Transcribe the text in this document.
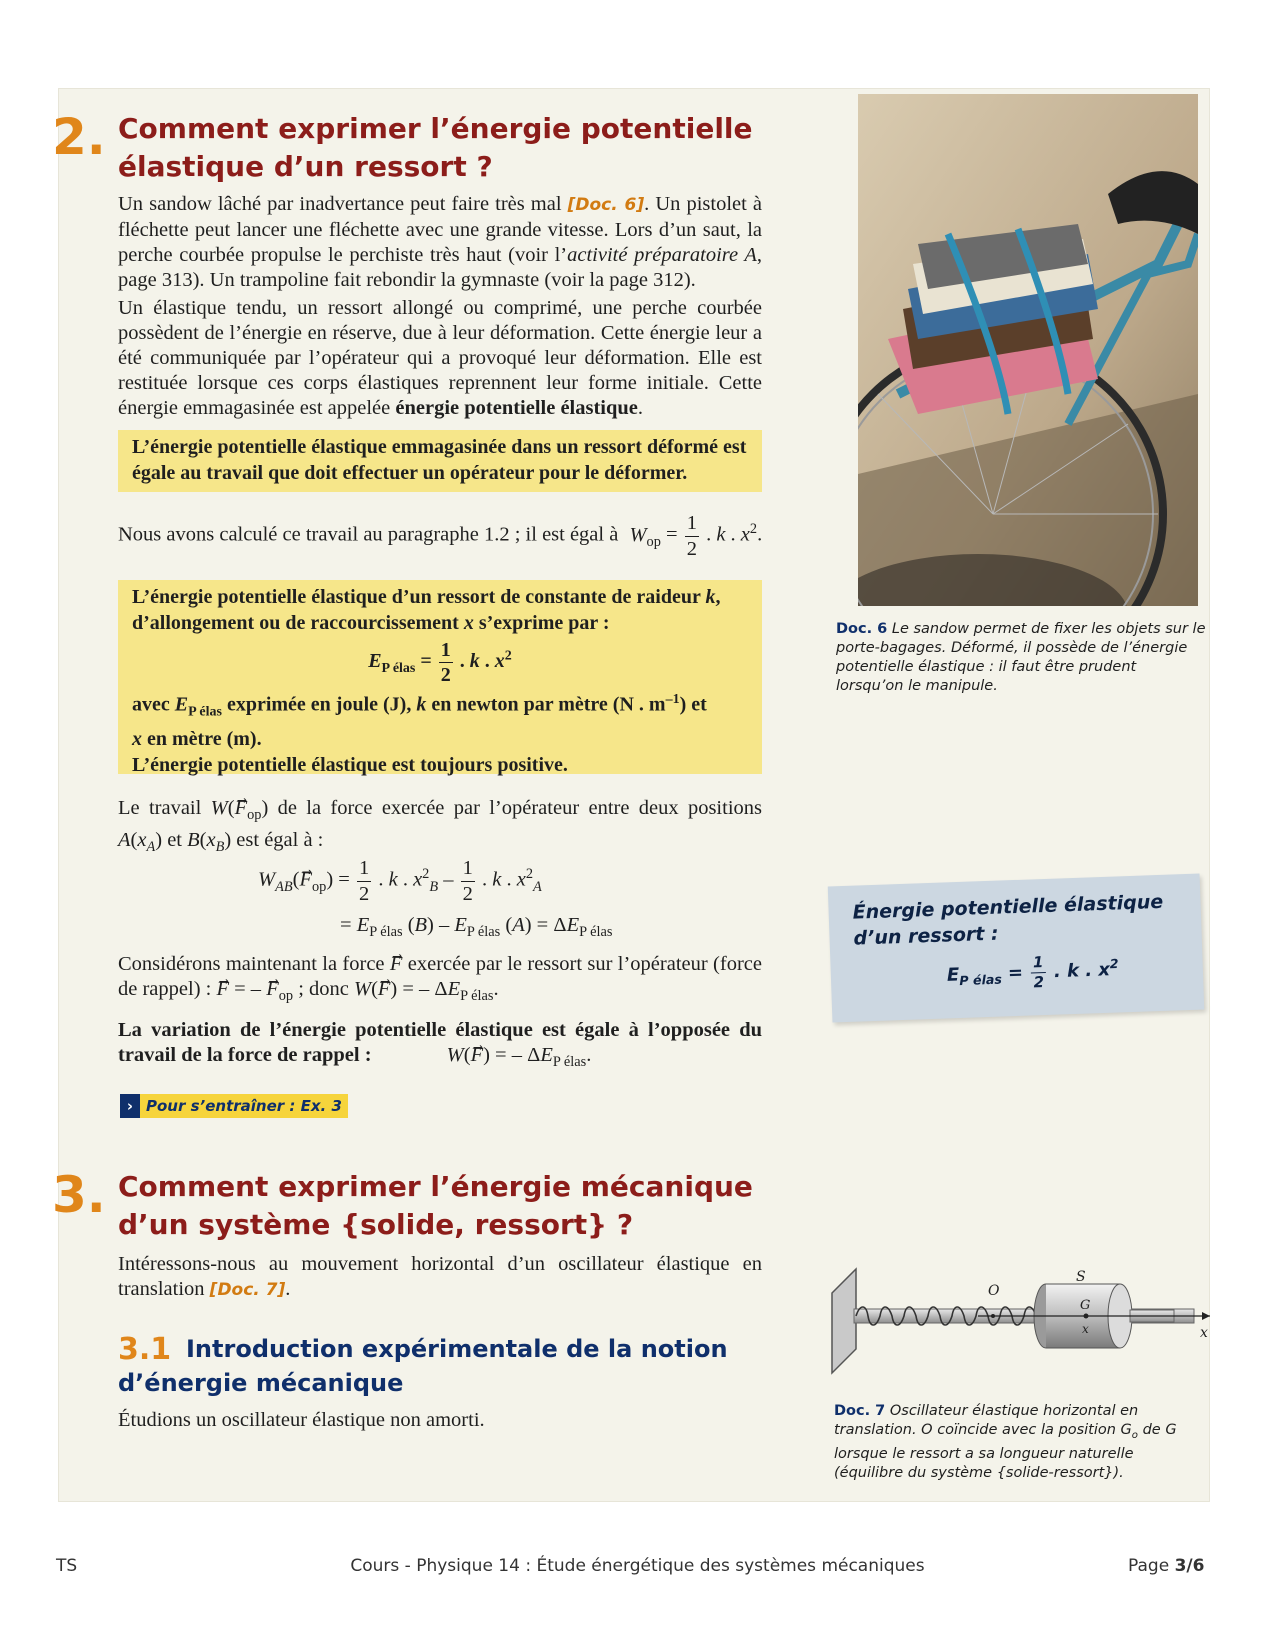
2. Comment exprimer l’énergie potentielle
élastique d’un ressort ?

Un sandow lâché par inadvertance peut faire très mal [Doc. 6]. Un pistolet à fléchette peut lancer une fléchette avec une grande vitesse. Lors d’un saut, la perche courbée propulse le perchiste très haut (voir l’activité préparatoire A, page 313). Un trampoline fait rebondir la gymnaste (voir la page 312).

Un élastique tendu, un ressort allongé ou comprimé, une perche courbée possèdent de l’énergie en réserve, due à leur déformation. Cette énergie leur a été communiquée par l’opérateur qui a provoqué leur déformation. Elle est restituée lorsque ces corps élastiques reprennent leur forme initiale. Cette énergie emmagasinée est appelée énergie potentielle élastique.

L’énergie potentielle élastique emmagasinée dans un ressort déformé est égale au travail que doit effectuer un opérateur pour le déformer.
Nous avons calculé ce travail au paragraphe 1.2 ; il est égal à $W_{op} = \frac{1}{2}$ . k . $x^2$.
L’énergie potentielle élastique d’un ressort de constante de raideur k,
d’allongement ou de raccourcissement x s’exprime par :
$E_{P élas} = \frac{1}{2}$ . k . $x^2$
avec $E_{P élas}$ exprimée en joule (J), k en newton par mètre (N . $m^{-1}$) et
x en mètre (m).
L’énergie potentielle élastique est toujours positive.

Le travail $W(F_{op})$ de la force exercée par l’opérateur entre deux positions $A(x_A)$ et $B(x_B)$ est égal à :

$W_{AB}(F_{op}) = \frac{1}{2}$ . k . $x^2_B - \frac{1}{2}$ . k . $x^2_A$
= $E_{P élas}$ $(B) - E_{P élas}$ $(A) = \Delta E_{P élas}$

Considérons maintenant la force F exercée par le ressort sur l’opérateur (force de rappel) : F⃗ = – $F_{op}$ ; donc W(F⃗) = – $\Delta E_{P élas}$.

La variation de l’énergie potentielle élastique est égale à l’opposée du travail de la force de rappel :	W(F⃗) = – $\Delta E_{P élas}$.

› Pour s’entraîner : Ex. 3
3. Comment exprimer l’énergie mécanique
d’un système {solide, ressort} ?

Intéressons-nous au mouvement horizontal d’un oscillateur élastique en translation [Doc. 7].

3.1 Introduction expérimentale de la notion
d’énergie mécanique
Étudions un oscillateur élastique non amorti.
Doc. 6 Le sandow permet de fixer les objets sur le porte-bagages. Déformé, il possède de l’énergie potentielle élastique : il faut être prudent lorsqu’on le manipule.
Énergie potentielle élastique d’un ressort :
$E_{P élas} = \frac{1}{2}$ . k . $x^2$
O
S
G
x	x
Doc. 7 Oscillateur élastique horizontal en translation. O coïncide avec la position $G_o$ de G lorsque le ressort a sa longueur naturelle (équilibre du système {solide-ressort}).
TS	Cours - Physique 14 : Étude énergétique des systèmes mécaniques	Page 3/6
